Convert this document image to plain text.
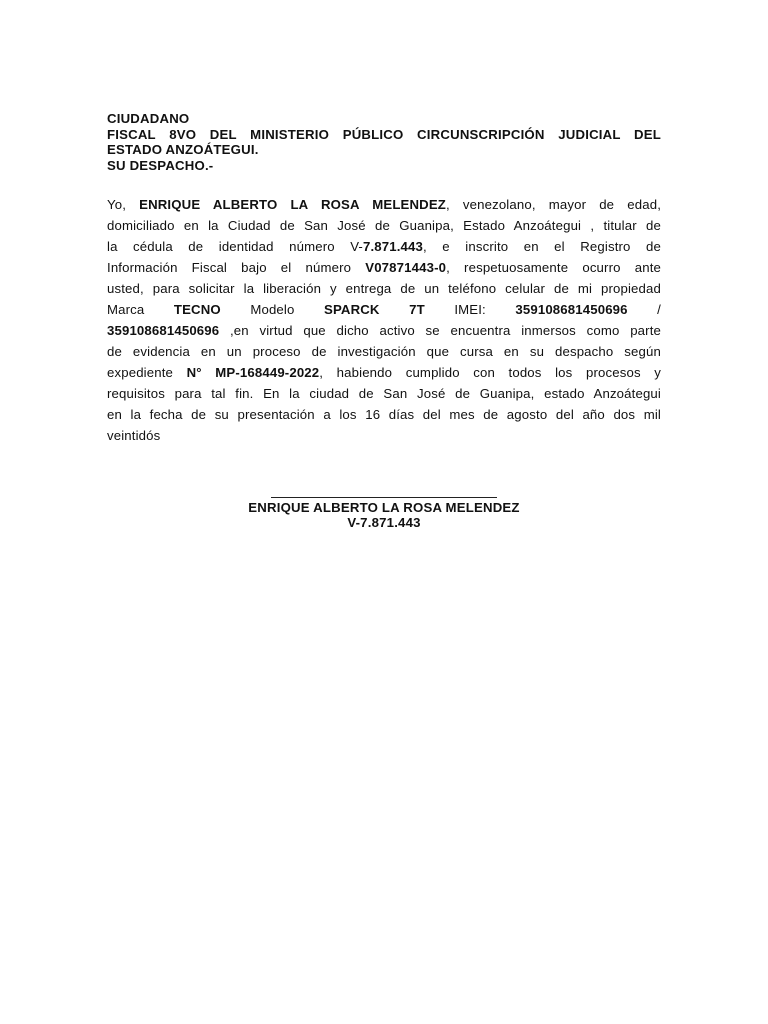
CIUDADANO
FISCAL 8VO DEL MINISTERIO PÚBLICO CIRCUNSCRIPCIÓN JUDICIAL DEL
ESTADO ANZOÁTEGUI.
SU DESPACHO.-
Yo, ENRIQUE ALBERTO LA ROSA MELENDEZ, venezolano, mayor de edad,
domiciliado en la Ciudad de San José de Guanipa, Estado Anzoátegui , titular de
la cédula de identidad número V-7.871.443, e inscrito en el Registro de
Información Fiscal bajo el número V07871443-0, respetuosamente ocurro ante
usted, para solicitar la liberación y entrega de un teléfono celular de mi propiedad
Marca TECNO Modelo SPARCK 7T IMEI: 359108681450696 /
359108681450696 ,en virtud que dicho activo se encuentra inmersos como parte
de evidencia en un proceso de investigación que cursa en su despacho según
expediente N° MP-168449-2022, habiendo cumplido con todos los procesos y
requisitos para tal fin. En la ciudad de San José de Guanipa, estado Anzoátegui
en la fecha de su presentación a los 16 días del mes de agosto del año dos mil
veintidós
ENRIQUE ALBERTO LA ROSA MELENDEZ
V-7.871.443
